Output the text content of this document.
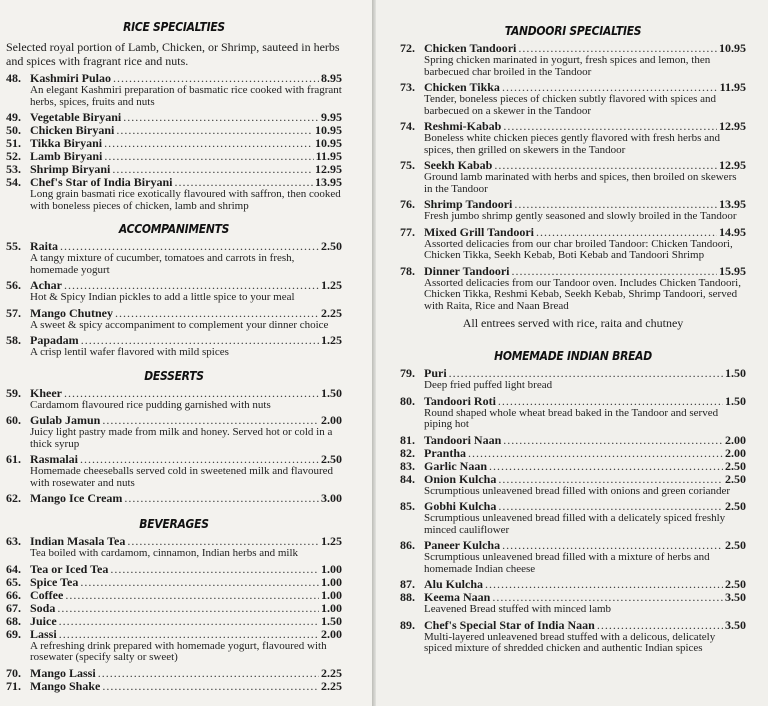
RICE SPECIALTIES

Selected royal portion of Lamb, Chicken, or Shrimp, sauteed in herbs and spices with fragrant rice and nuts.

48. Kashmiri Pulao .....	8.95
An elegant Kashmiri preparation of basmatic rice cooked with fragrant herbs, spices, fruits and nuts
49. Vegetable Biryani .....	9.95
50. Chicken Biryani .....	10.95
51. Tikka Biryani .....	10.95
52. Lamb Biryani .....	11.95
53. Shrimp Biryani .....	12.95
54. Chef's Star of India Biryani .....	13.95
Long grain basmati rice exotically flavoured with saffron, then cooked with boneless pieces of chicken, lamb and shrimp
ACCOMPANIMENTS
55. Raita .....	2.50
A tangy mixture of cucumber, tomatoes and carrots in fresh, homemade yogurt
56. Achar .....	1.25
Hot & Spicy Indian pickles to add a little spice to your meal
57. Mango Chutney .....	2.25
A sweet & spicy accompaniment to complement your dinner choice
58. Papadam .....	1.25
A crisp lentil wafer flavored with mild spices
DESSERTS
59. Kheer .....	1.50
Cardamom flavoured rice pudding garnished with nuts
60. Gulab Jamun .....	2.00
Juicy light pastry made from milk and honey. Served hot or cold in a thick syrup
61. Rasmalai .....	2.50
Homemade cheeseballs served cold in sweetened milk and flavoured with rosewater and nuts
62. Mango Ice Cream .....	3.00
BEVERAGES
63. Indian Masala Tea .....	1.25
Tea boiled with cardamom, cinnamon, Indian herbs and milk
64. Tea or Iced Tea .....	1.00
65. Spice Tea .....	1.00
66. Coffee .....	1.00
67. Soda .....	1.00
68. Juice .....	1.50
69. Lassi .....	2.00
A refreshing drink prepared with homemade yogurt, flavoured with rosewater (specify salty or sweet)
70. Mango Lassi .....	2.25
71. Mango Shake .....	2.25
TANDOORI SPECIALTIES
72. Chicken Tandoori .....	10.95
Spring chicken marinated in yogurt, fresh spices and lemon, then barbecued char broiled in the Tandoor
73. Chicken Tikka .....	11.95
Tender, boneless pieces of chicken subtly flavored with spices and barbecued on a skewer in the Tandoor
74. Reshmi-Kabab .....	12.95
Boneless white chicken pieces gently flavored with fresh herbs and spices, then grilled on skewers in the Tandoor
75. Seekh Kabab .....	12.95
Ground lamb marinated with herbs and spices, then broiled on skewers in the Tandoor
76. Shrimp Tandoori .....	13.95
Fresh jumbo shrimp gently seasoned and slowly broiled in the Tandoor
77. Mixed Grill Tandoori .....	14.95
Assorted delicacies from our char broiled Tandoor: Chicken Tandoori, Chicken Tikka, Seekh Kebab, Boti Kebab and Tandoori Shrimp
78. Dinner Tandoori .....	15.95
Assorted delicacies from our Tandoor oven. Includes Chicken Tandoori, Chicken Tikka, Reshmi Kebab, Seekh Kebab, Shrimp Tandoori, served with Raita, Rice and Naan Bread

All entrees served with rice, raita and chutney

HOMEMADE INDIAN BREAD
79. Puri .....	1.50
Deep fried puffed light bread
80. Tandoori Roti .....	1.50
Round shaped whole wheat bread baked in the Tandoor and served piping hot
81. Tandoori Naan .....	2.00
82. Prantha .....	2.00
83. Garlic Naan .....	2.50
84. Onion Kulcha .....	2.50
Scrumptious unleavened bread filled with onions and green coriander
85. Gobhi Kulcha .....	2.50
Scrumptious unleavened bread filled with a delicately spiced freshly minced cauliflower
86. Paneer Kulcha .....	2.50
Scrumptious unleavened bread filled with a mixture of herbs and homemade Indian cheese
87. Alu Kulcha .....	2.50
88. Keema Naan .....	3.50
Leavened Bread stuffed with minced lamb
89. Chef's Special Star of India Naan .....	3.50
Multi-layered unleavened bread stuffed with a delicous, delicately spiced mixture of shredded chicken and authentic Indian spices
